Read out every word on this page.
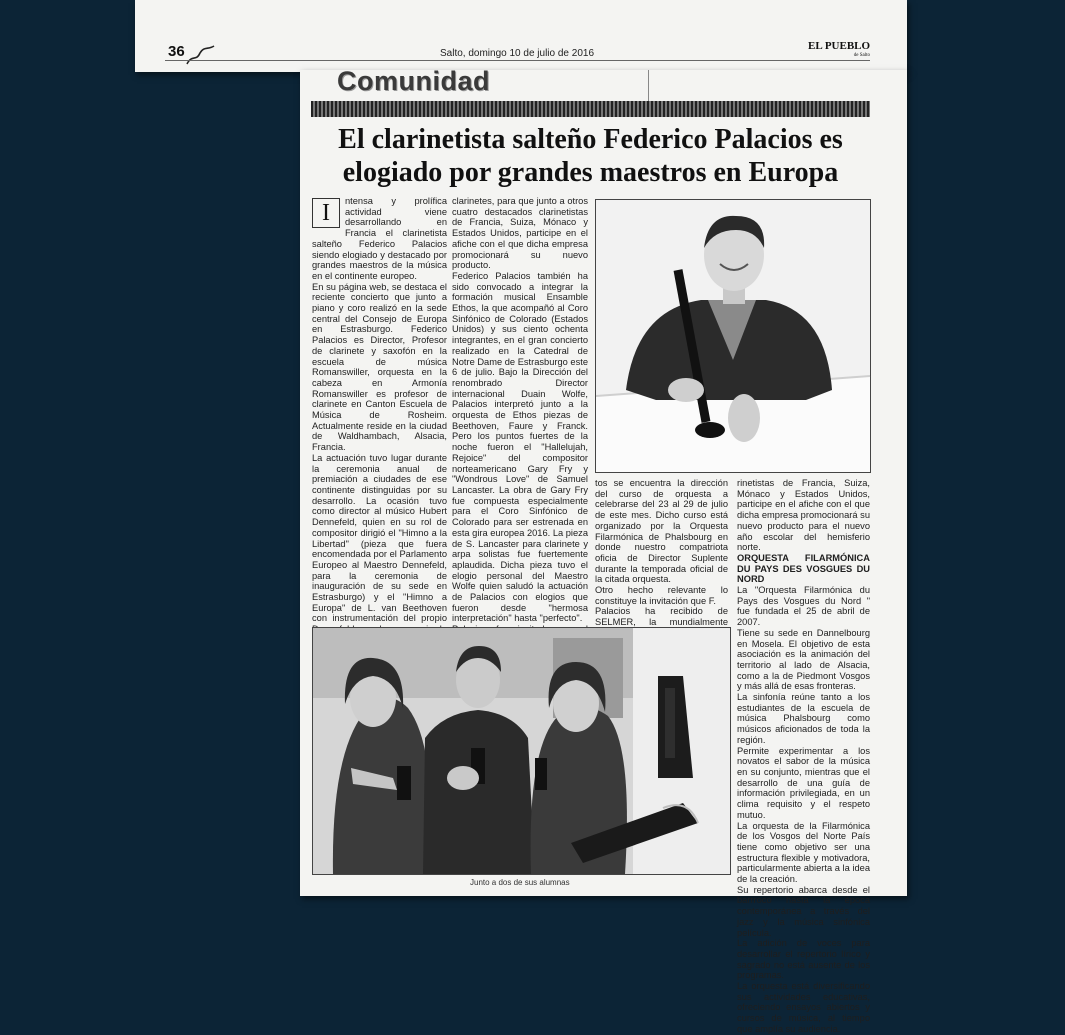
36	Salto, domingo 10 de julio de 2016
EL PUEBLO
de Salto
Comunidad
El clarinetista salteño Federico Palacios es elogiado por grandes maestros en Europa

I	ntensa y prolífica actividad viene desarrollando en Francia el clarinetista salteño Federico Palacios siendo elogiado y destacado por grandes maestros de la música en el continente europeo.

En su página web, se destaca el reciente concierto que junto a piano y coro realizó en la sede central del Consejo de Europa en Estrasburgo. Federico Palacios es Director, Profesor de clarinete y saxofón en la escuela de música Romanswiller, orquesta en la cabeza en Armonía Romanswiller es profesor de clarinete en Canton Escuela de Música de Rosheim. Actualmente reside en la ciudad de Waldhambach, Alsacia, Francia.

La actuación tuvo lugar durante la ceremonia anual de premiación a ciudades de ese continente distinguidas por su desarrollo. La ocasión tuvo como director al músico Hubert Dennefeld, quien en su rol de compositor dirigió el "Himno a la Libertad" (pieza que fuera encomendada por el Parlamento Europeo al Maestro Dennefeld, para la ceremonia de inauguración de su sede en Estrasburgo) y el "Himno a Europa" de L. van Beethoven con instrumentación del propio

clarinetes, para que junto a otros cuatro destacados clarinetistas de Francia, Suiza, Mónaco y Estados Unidos, participe en el afiche con el que dicha empresa promocionará su nuevo producto.

Federico Palacios también ha sido convocado a integrar la formación musical Ensamble Ethos, la que acompañó al Coro Sinfónico de Colorado (Estados Unidos) y sus ciento ochenta integrantes, en el gran concierto realizado en la Catedral de Notre Dame de Estrasburgo este 6 de julio. Bajo la Dirección del renombrado Director internacional Duain Wolfe, Palacios interpretó junto a la orquesta de Ethos piezas de Beethoven, Faure y Franck. Pero los puntos fuertes de la noche fueron el "Hallelujah, Rejoice" del compositor norteamericano Gary Fry y "Wondrous Love" de Samuel Lancaster. La obra de Gary Fry fue compuesta especialmente para el Coro Sinfónico de Colorado para ser estrenada en esta gira europea 2016. La pieza de S. Lancaster para clarinete y arpa solistas fue fuertemente aplaudida. Dicha pieza tuvo el elogio personal del Maestro Wolfe quien saludó la actuación de Palacios con elogios que fueron desde "hermosa interpretación" hasta "perfecto".

tos se encuentra la dirección del curso de orquesta a celebrarse del 23 al 29 de julio de este mes. Dicho curso está organizado por la Orquesta Filarmónica de Phalsbourg en donde nuestro compatriota oficia de Director Suplente durante la temporada oficial de la citada orquesta.

Otro hecho relevante lo constituye la invitación que F.

Palacios ha recibido de SELMER, la mundialmente

rinetistas de Francia, Suiza, Mónaco y Estados Unidos, participe en el afiche con el que dicha empresa promocionará su nuevo producto para el nuevo año escolar del hemisferio norte.

ORQUESTA FILARMÓNICA DU PAYS DES VOSGUES DU NORD

La "Orquesta Filarmónica du Pays des Vosgues du Nord " fue fundada el 25 de abril de 2007.

Tiene su sede en Dannelbourg en Mosela. El objetivo de esta asociación es la animación del territorio al lado de Alsacia, como a la de Piedmont Vosgos y más allá de esas fronteras.

La sinfonía reúne tanto a los estudiantes de la escuela de música Phalsbourg como músicos aficionados de toda la región.

Permite experimentar a los novatos el sabor de la música en su conjunto, mientras que el desarrollo de una guía de información privilegiada, en un clima requisito y el respeto mutuo.

La orquesta de la Filarmónica de los Vosgos del Norte País tiene como objetivo ser una estructura flexible y motivadora, particularmente abierta a la idea de la creación.

Su repertorio abarca desde el barrroco hasta la época contemporánea a través del jazz y la música sinfónica película.

La adición de voces para desarrollar el repertorio lírico y sagrado no está ausente de los programas.

La orquesta está diversificando sus actividades educativas, ofreciendo ensayos abiertos y cursos de música, al tiempo que amplía su audiencia.

Junto a dos de sus alumnas
